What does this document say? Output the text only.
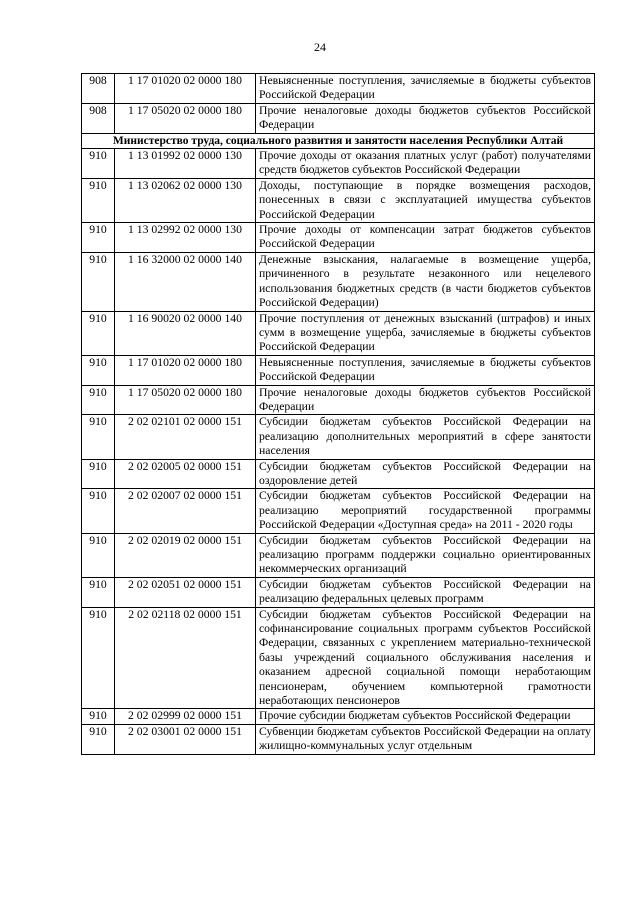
24
908	1 17 01020 02 0000 180	Невыясненные поступления, зачисляемые в бюджеты субъектов Российской Федерации
908	1 17 05020 02 0000 180	Прочие неналоговые доходы бюджетов субъектов Российской Федерации
Министерство труда, социального развития и занятости населения Республики Алтай		
910	1 13 01992 02 0000 130	Прочие доходы от оказания платных услуг (работ) получателями средств бюджетов субъектов Российской Федерации
910	1 13 02062 02 0000 130	Доходы, поступающие в порядке возмещения расходов, понесенных в связи с эксплуатацией имущества субъектов Российской Федерации
910	1 13 02992 02 0000 130	Прочие доходы от компенсации затрат бюджетов субъектов Российской Федерации
910	1 16 32000 02 0000 140	Денежные взыскания, налагаемые в возмещение ущерба, причиненного в результате незаконного или нецелевого использования бюджетных средств (в части бюджетов субъектов Российской Федерации)
910	1 16 90020 02 0000 140	Прочие поступления от денежных взысканий (штрафов) и иных сумм в возмещение ущерба, зачисляемые в бюджеты субъектов Российской Федерации
910	1 17 01020 02 0000 180	Невыясненные поступления, зачисляемые в бюджеты субъектов Российской Федерации
910	1 17 05020 02 0000 180	Прочие неналоговые доходы бюджетов субъектов Российской Федерации
910	2 02 02101 02 0000 151	Субсидии бюджетам субъектов Российской Федерации на реализацию дополнительных мероприятий в сфере занятости населения
910	2 02 02005 02 0000 151	Субсидии бюджетам субъектов Российской Федерации на оздоровление детей
910	2 02 02007 02 0000 151	Субсидии бюджетам субъектов Российской Федерации на реализацию мероприятий государственной программы Российской Федерации «Доступная среда» на 2011 - 2020 годы
910	2 02 02019 02 0000 151	Субсидии бюджетам субъектов Российской Федерации на реализацию программ поддержки социально ориентированных некоммерческих организаций
910	2 02 02051 02 0000 151	Субсидии бюджетам субъектов Российской Федерации на реализацию федеральных целевых программ
910	2 02 02118 02 0000 151	Субсидии бюджетам субъектов Российской Федерации на софинансирование социальных программ субъектов Российской Федерации, связанных с укреплением материально-технической базы учреждений социального обслуживания населения и оказанием адресной социальной помощи неработающим пенсионерам, обучением компьютерной грамотности неработающих пенсионеров
910	2 02 02999 02 0000 151	Прочие субсидии бюджетам субъектов Российской Федерации
910	2 02 03001 02 0000 151	Субвенции бюджетам субъектов Российской Федерации на оплату жилищно-коммунальных услуг отдельным
